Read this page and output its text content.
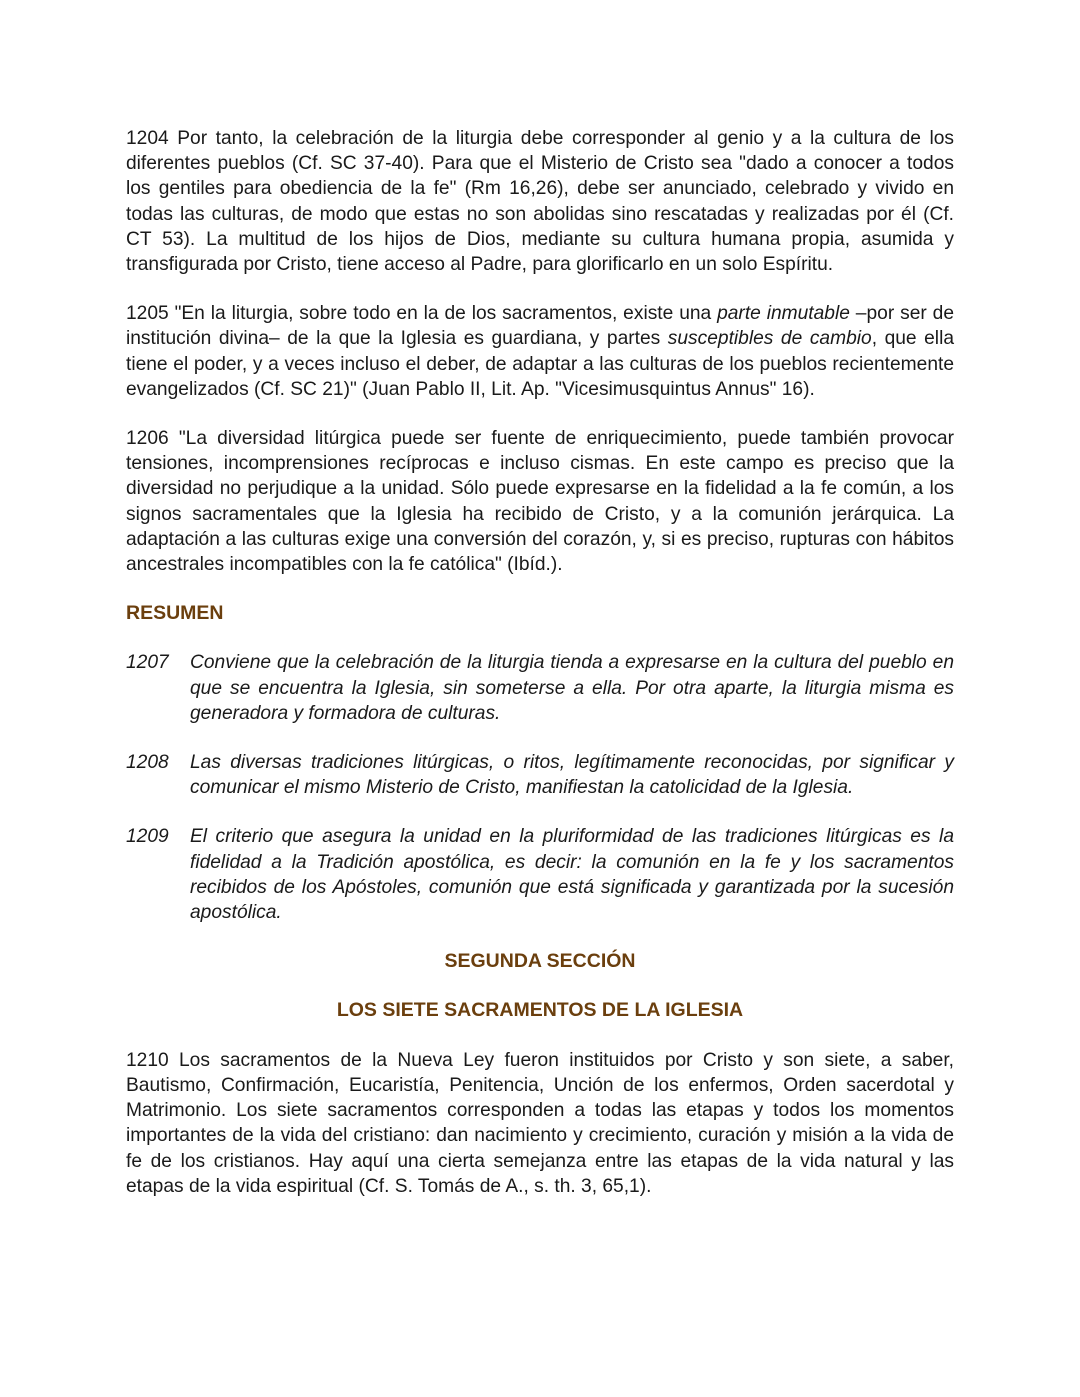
1204 Por tanto, la celebración de la liturgia debe corresponder al genio y a la cultura de los diferentes pueblos (Cf. SC 37-40). Para que el Misterio de Cristo sea "dado a conocer a todos los gentiles para obediencia de la fe" (Rm 16,26), debe ser anunciado, celebrado y vivido en todas las culturas, de modo que estas no son abolidas sino rescatadas y realizadas por él (Cf. CT 53). La multitud de los hijos de Dios, mediante su cultura humana propia, asumida y transfigurada por Cristo, tiene acceso al Padre, para glorificarlo en un solo Espíritu.

1205 "En la liturgia, sobre todo en la de los sacramentos, existe una parte inmutable –por ser de institución divina– de la que la Iglesia es guardiana, y partes susceptibles de cambio, que ella tiene el poder, y a veces incluso el deber, de adaptar a las culturas de los pueblos recientemente evangelizados (Cf. SC 21)" (Juan Pablo II, Lit. Ap. "Vicesimusquintus Annus" 16).

1206 "La diversidad litúrgica puede ser fuente de enriquecimiento, puede también provocar tensiones, incomprensiones recíprocas e incluso cismas. En este campo es preciso que la diversidad no perjudique a la unidad. Sólo puede expresarse en la fidelidad a la fe común, a los signos sacramentales que la Iglesia ha recibido de Cristo, y a la comunión jerárquica. La adaptación a las culturas exige una conversión del corazón, y, si es preciso, rupturas con hábitos ancestrales incompatibles con la fe católica" (Ibíd.).

RESUMEN
1207	Conviene que la celebración de la liturgia tienda a expresarse en la cultura del pueblo en que se encuentra la Iglesia, sin someterse a ella. Por otra aparte, la liturgia misma es generadora y formadora de culturas.
1208	Las diversas tradiciones litúrgicas, o ritos, legítimamente reconocidas, por significar y comunicar el mismo Misterio de Cristo, manifiestan la catolicidad de la Iglesia.
1209	El criterio que asegura la unidad en la pluriformidad de las tradiciones litúrgicas es la fidelidad a la Tradición apostólica, es decir: la comunión en la fe y los sacramentos recibidos de los Apóstoles, comunión que está significada y garantizada por la sucesión apostólica.
SEGUNDA SECCIÓN
LOS SIETE SACRAMENTOS DE LA IGLESIA

1210 Los sacramentos de la Nueva Ley fueron instituidos por Cristo y son siete, a saber, Bautismo, Confirmación, Eucaristía, Penitencia, Unción de los enfermos, Orden sacerdotal y Matrimonio. Los siete sacramentos corresponden a todas las etapas y todos los momentos importantes de la vida del cristiano: dan nacimiento y crecimiento, curación y misión a la vida de fe de los cristianos. Hay aquí una cierta semejanza entre las etapas de la vida natural y las etapas de la vida espiritual (Cf. S. Tomás de A., s. th. 3, 65,1).
